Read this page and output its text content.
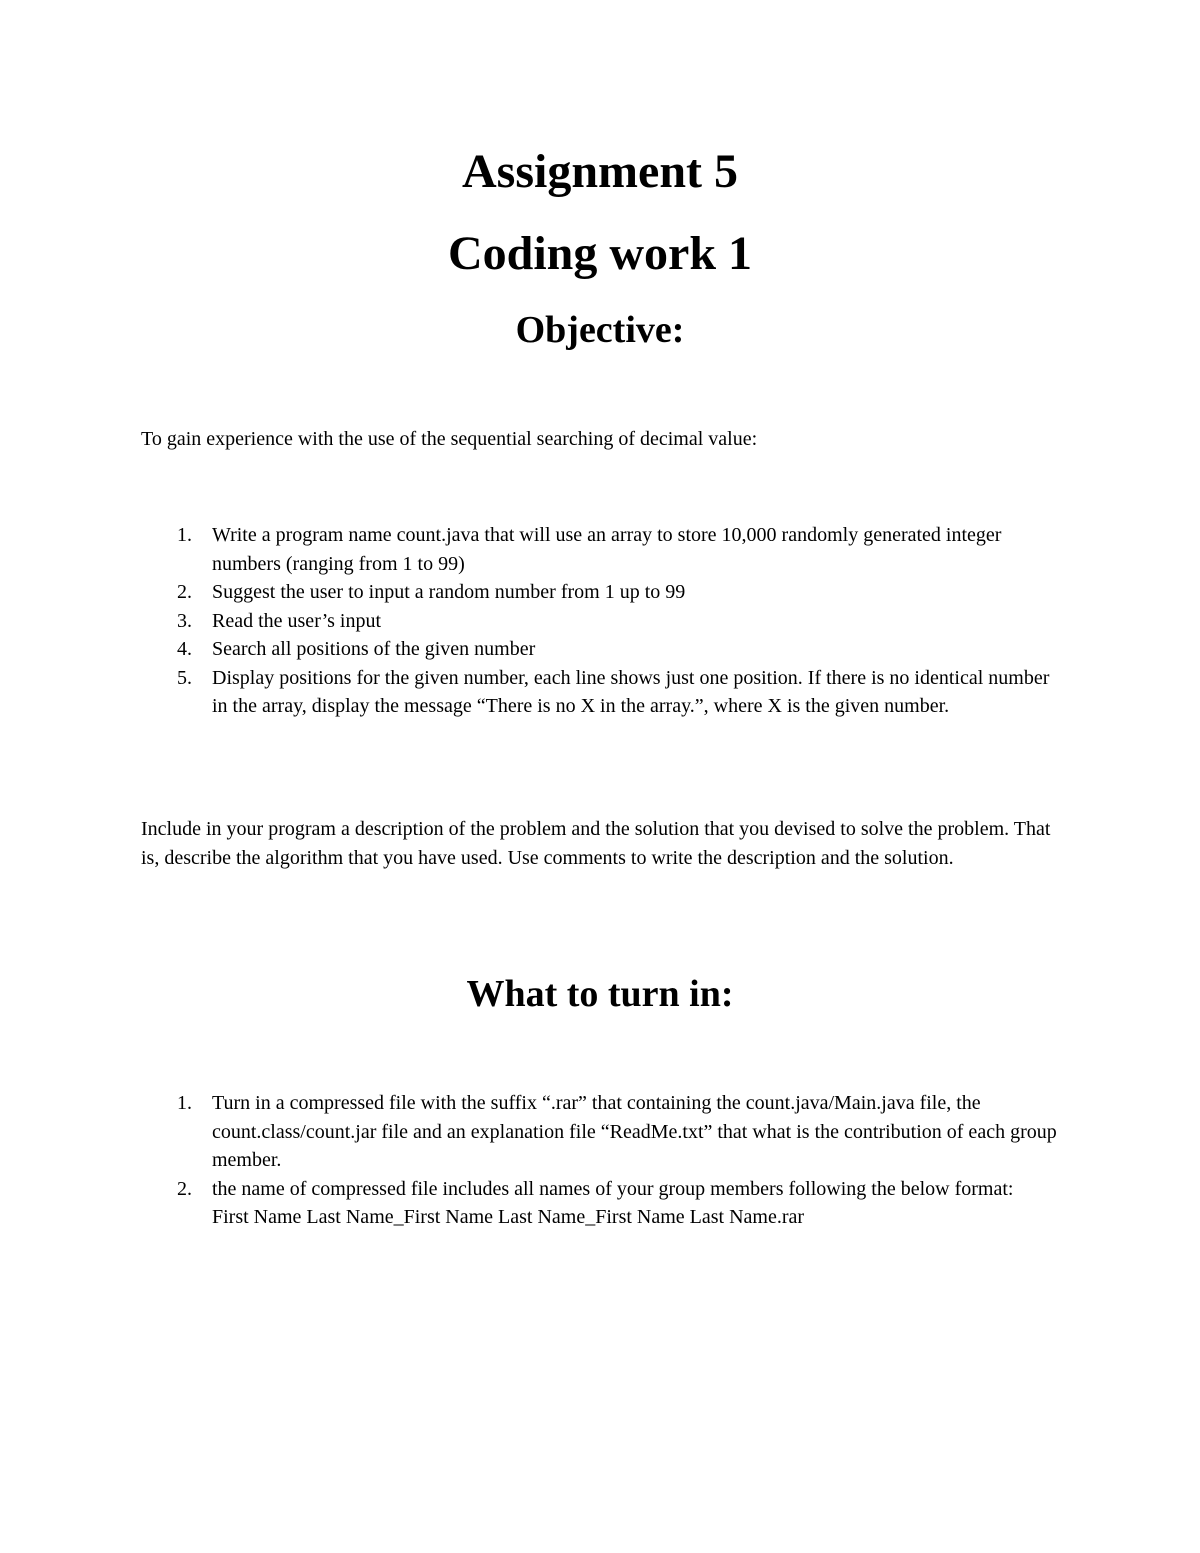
Assignment 5
Coding work 1
Objective:

To gain experience with the use of the sequential searching of decimal value:

1. Write a program name count.java that will use an array to store 10,000 randomly generated integer numbers (ranging from 1 to 99)
2. Suggest the user to input a random number from 1 up to 99
3. Read the user’s input
4. Search all positions of the given number
5. Display positions for the given number, each line shows just one position. If there is no identical number in the array, display the message “There is no X in the array.”, where X is the given number.

Include in your program a description of the problem and the solution that you devised to solve the problem. That is, describe the algorithm that you have used. Use comments to write the description and the solution.

What to turn in:
1. Turn in a compressed file with the suffix “.rar” that containing the count.java/Main.java file, the count.class/count.jar file and an explanation file “ReadMe.txt” that what is the contribution of each group member.
2. the name of compressed file includes all names of your group members following the below format:
First Name Last Name_First Name Last Name_First Name Last Name.rar
